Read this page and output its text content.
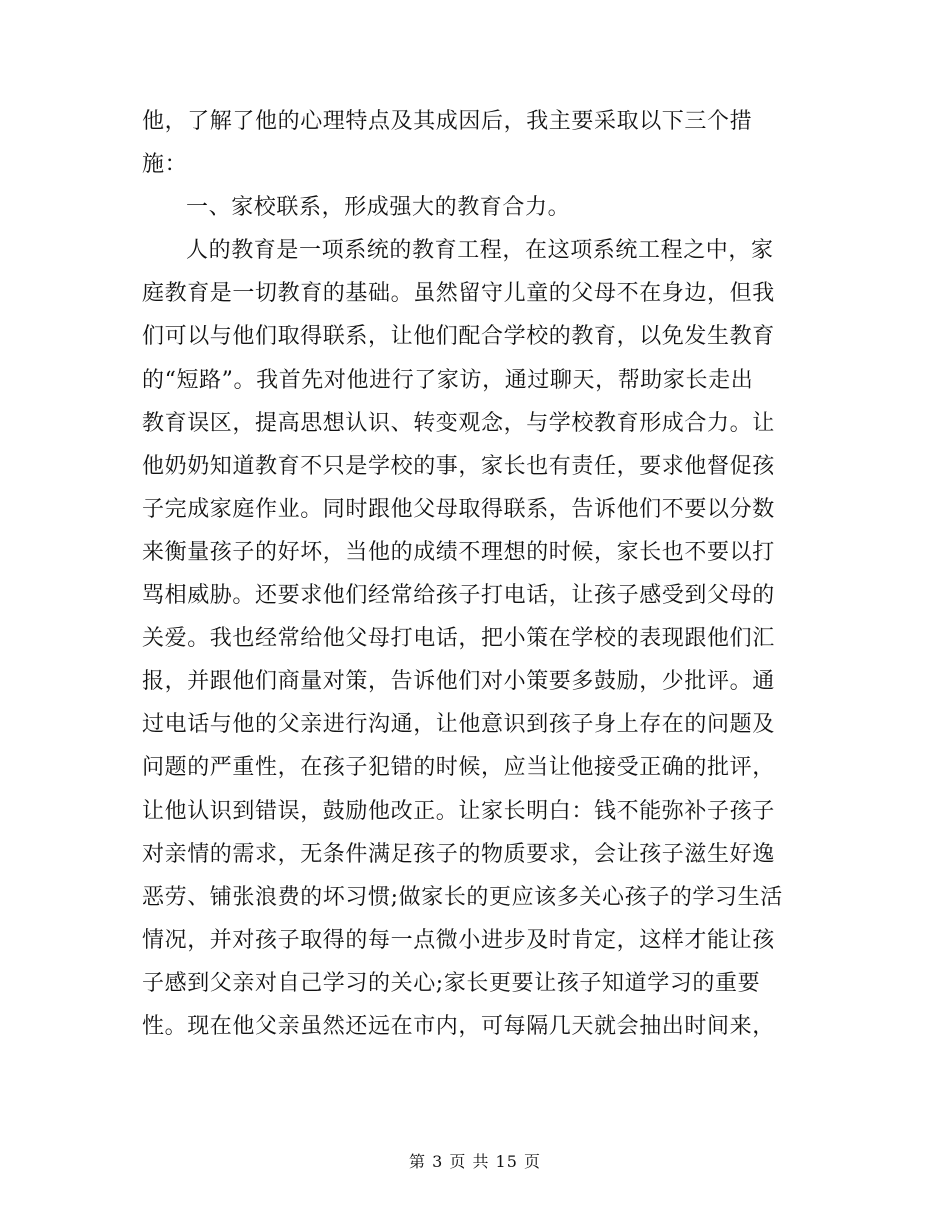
他，了解了他的心理特点及其成因后，我主要采取以下三个措
施：
一、家校联系，形成强大的教育合力。
人的教育是一项系统的教育工程，在这项系统工程之中，家
庭教育是一切教育的基础。虽然留守儿童的父母不在身边，但我
们可以与他们取得联系，让他们配合学校的教育，以免发生教育
的“短路”。我首先对他进行了家访，通过聊天，帮助家长走出
教育误区，提高思想认识、转变观念，与学校教育形成合力。让
他奶奶知道教育不只是学校的事，家长也有责任，要求他督促孩
子完成家庭作业。同时跟他父母取得联系，告诉他们不要以分数
来衡量孩子的好坏，当他的成绩不理想的时候，家长也不要以打
骂相威胁。还要求他们经常给孩子打电话，让孩子感受到父母的
关爱。我也经常给他父母打电话，把小策在学校的表现跟他们汇
报，并跟他们商量对策，告诉他们对小策要多鼓励，少批评。通
过电话与他的父亲进行沟通，让他意识到孩子身上存在的问题及
问题的严重性，在孩子犯错的时候，应当让他接受正确的批评，
让他认识到错误，鼓励他改正。让家长明白：钱不能弥补子孩子
对亲情的需求，无条件满足孩子的物质要求，会让孩子滋生好逸
恶劳、铺张浪费的坏习惯;做家长的更应该多关心孩子的学习生活
情况，并对孩子取得的每一点微小进步及时肯定，这样才能让孩
子感到父亲对自己学习的关心;家长更要让孩子知道学习的重要
性。现在他父亲虽然还远在市内，可每隔几天就会抽出时间来，
第 3 页 共 15 页
